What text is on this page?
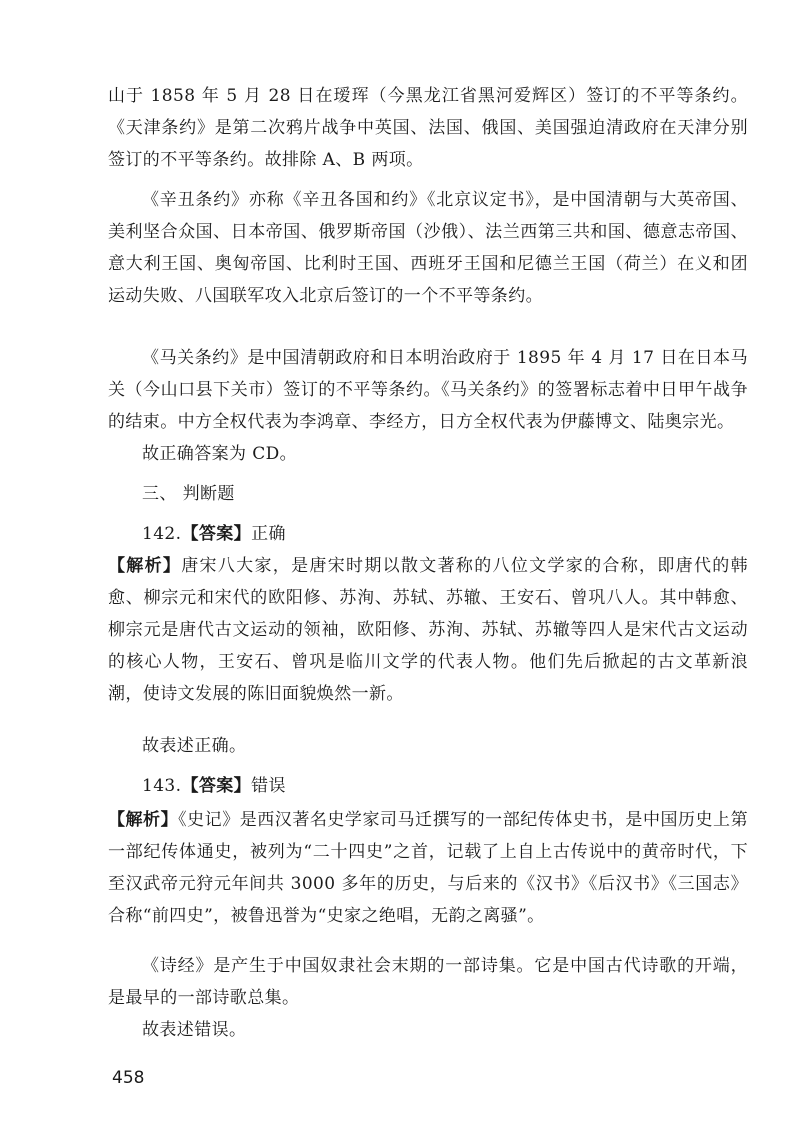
山于 1858 年 5 月 28 日在瑷珲（今黑龙江省黑河爱辉区）签订的不平等条约。《天津条约》是第二次鸦片战争中英国、法国、俄国、美国强迫清政府在天津分别签订的不平等条约。故排除 A、B 两项。

《辛丑条约》亦称《辛丑各国和约》《北京议定书》，是中国清朝与大英帝国、美利坚合众国、日本帝国、俄罗斯帝国（沙俄）、法兰西第三共和国、德意志帝国、意大利王国、奥匈帝国、比利时王国、西班牙王国和尼德兰王国（荷兰）在义和团运动失败、八国联军攻入北京后签订的一个不平等条约。

《马关条约》是中国清朝政府和日本明治政府于 1895 年 4 月 17 日在日本马关（今山口县下关市）签订的不平等条约。《马关条约》的签署标志着中日甲午战争的结束。中方全权代表为李鸿章、李经方，日方全权代表为伊藤博文、陆奥宗光。

故正确答案为 CD。

三、 判断题

142.【答案】正确

【解析】唐宋八大家，是唐宋时期以散文著称的八位文学家的合称，即唐代的韩愈、柳宗元和宋代的欧阳修、苏洵、苏轼、苏辙、王安石、曾巩八人。其中韩愈、柳宗元是唐代古文运动的领袖，欧阳修、苏洵、苏轼、苏辙等四人是宋代古文运动的核心人物，王安石、曾巩是临川文学的代表人物。他们先后掀起的古文革新浪潮，使诗文发展的陈旧面貌焕然一新。

故表述正确。

143.【答案】错误

【解析】《史记》是西汉著名史学家司马迁撰写的一部纪传体史书，是中国历史上第一部纪传体通史，被列为“二十四史”之首，记载了上自上古传说中的黄帝时代，下至汉武帝元狩元年间共 3000 多年的历史，与后来的《汉书》《后汉书》《三国志》合称“前四史”，被鲁迅誉为“史家之绝唱，无韵之离骚”。

《诗经》是产生于中国奴隶社会末期的一部诗集。它是中国古代诗歌的开端，是最早的一部诗歌总集。

故表述错误。

458
